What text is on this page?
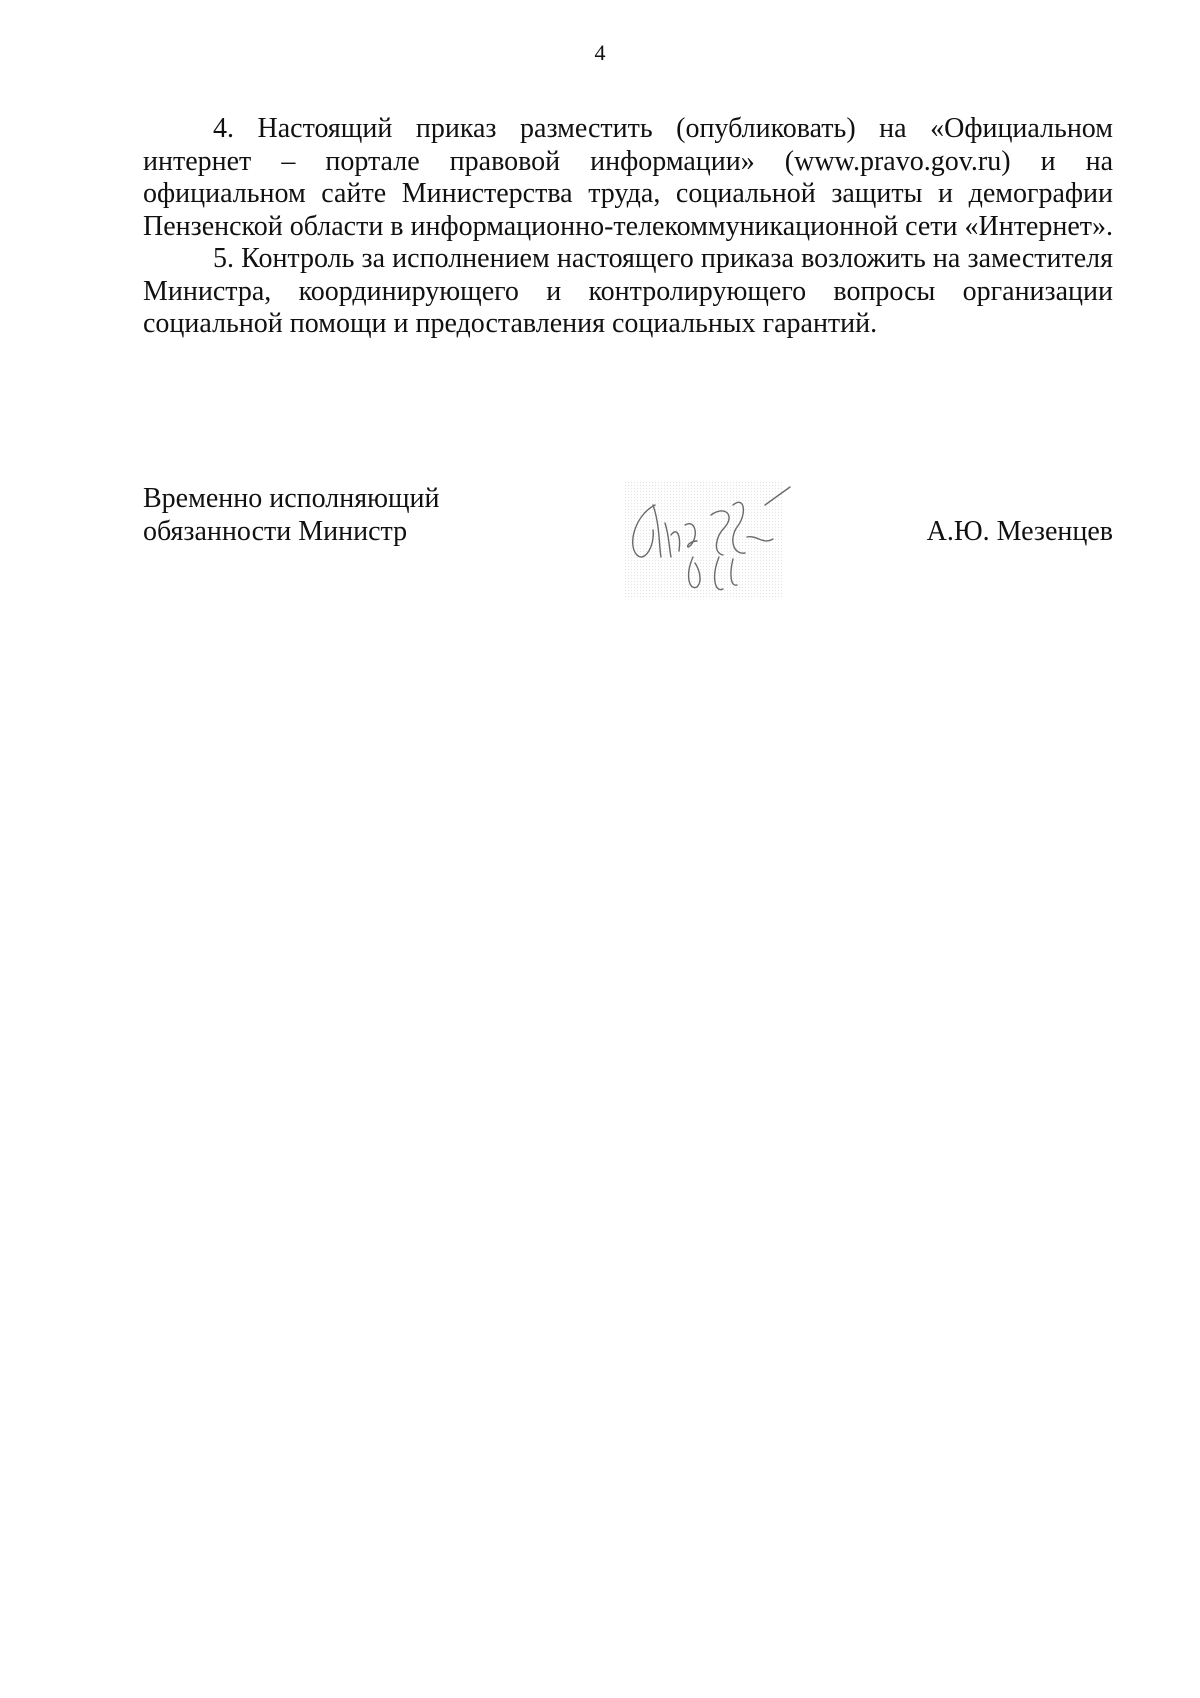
4

4. Настоящий приказ разместить (опубликовать) на «Официальном интернет – портале правовой информации» (www.pravo.gov.ru) и на официальном сайте Министерства труда, социальной защиты и демографии Пензенской области в информационно-телекоммуникационной сети «Интернет».

5. Контроль за исполнением настоящего приказа возложить на заместителя Министра, координирующего и контролирующего вопросы организации социальной помощи и предоставления социальных гарантий.

Временно исполняющий
обязанности Министр	А.Ю. Мезенцев
